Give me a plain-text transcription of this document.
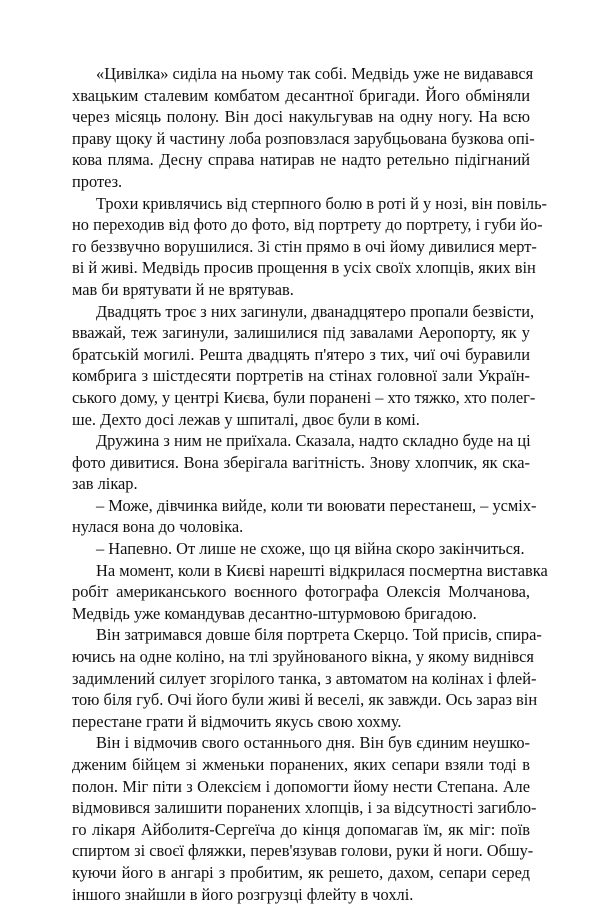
«Цивілка» сиділа на ньому так собі. Медвідь уже не видавався
хвацьким сталевим комбатом десантної бригади. Його обміняли
через місяць полону. Він досі накульгував на одну ногу. На всю
праву щоку й частину лоба розповзлася зарубцьована бузкова опі-
кова пляма. Десну справа натирав не надто ретельно підігнаний
протез.

Трохи кривлячись від стерпного болю в роті й у нозі, він повіль-
но переходив від фото до фото, від портрету до портрету, і губи йо-
го беззвучно ворушилися. Зі стін прямо в очі йому дивилися мерт-
ві й живі. Медвідь просив прощення в усіх своїх хлопців, яких він
мав би врятувати й не врятував.

Двадцять троє з них загинули, дванадцятеро пропали безвісти,
вважай, теж загинули, залишилися під завалами Аеропорту, як у
братській могилі. Решта двадцять п'ятеро з тих, чиї очі буравили
комбрига з шістдесяти портретів на стінах головної зали Україн-
ського дому, у центрі Києва, були поранені – хто тяжко, хто полег-
ше. Дехто досі лежав у шпиталі, двоє були в комі.

Дружина з ним не приїхала. Сказала, надто складно буде на ці
фото дивитися. Вона зберігала вагітність. Знову хлопчик, як ска-
зав лікар.

– Може, дівчинка вийде, коли ти воювати перестанеш, – усміх-
нулася вона до чоловіка.

– Напевно. От лише не схоже, що ця війна скоро закінчиться.

На момент, коли в Києві нарешті відкрилася посмертна виставка
робіт американського воєнного фотографа Олексія Молчанова,
Медвідь уже командував десантно-штурмовою бригадою.

Він затримався довше біля портрета Скерцо. Той присів, спира-
ючись на одне коліно, на тлі зруйнованого вікна, у якому виднівся
задимлений силует згорілого танка, з автоматом на колінах і флей-
тою біля губ. Очі його були живі й веселі, як завжди. Ось зараз він
перестане грати й відмочить якусь свою хохму.

Він і відмочив свого останнього дня. Він був єдиним неушко-
дженим бійцем зі жменьки поранених, яких сепари взяли тоді в
полон. Міг піти з Олексієм і допомогти йому нести Степана. Але
відмовився залишити поранених хлопців, і за відсутності загибло-
го лікаря Айболитя-Сергеїча до кінця допомагав їм, як міг: поїв
спиртом зі своєї фляжки, перев'язував голови, руки й ноги. Обшу-
куючи його в ангарі з пробитим, як решето, дахом, сепари серед
іншого знайшли в його розгрузці флейту в чохлі.
